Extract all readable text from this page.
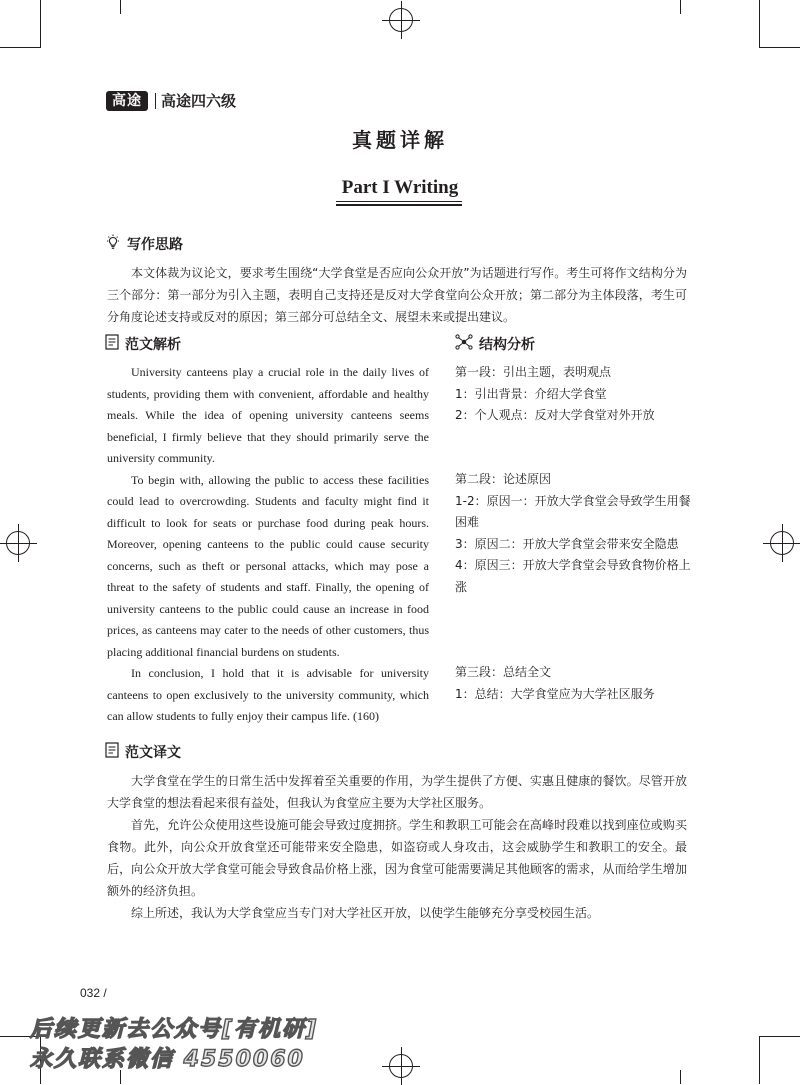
高途	高途四六级
真题详解
Part I Writing
写作思路

本文体裁为议论文，要求考生围绕“大学食堂是否应向公众开放”为话题进行写作。考生可将作文结构分为三个部分：第一部分为引入主题，表明自己支持还是反对大学食堂向公众开放；第二部分为主体段落，考生可分角度论述支持或反对的原因；第三部分可总结全文、展望未来或提出建议。

范文解析

University canteens play a crucial role in the daily lives of students, providing them with convenient, affordable and healthy meals. While the idea of opening university canteens seems beneficial, I firmly believe that they should primarily serve the university community.

To begin with, allowing the public to access these facilities could lead to overcrowding. Students and faculty might find it difficult to look for seats or purchase food during peak hours. Moreover, opening canteens to the public could cause security concerns, such as theft or personal attacks, which may pose a threat to the safety of students and staff. Finally, the opening of university canteens to the public could cause an increase in food prices, as canteens may cater to the needs of other customers, thus placing additional financial burdens on students.

In conclusion, I hold that it is advisable for university canteens to open exclusively to the university community, which can allow students to fully enjoy their campus life. (160)

结构分析
第一段：引出主题，表明观点
1：引出背景：介绍大学食堂
2：个人观点：反对大学食堂对外开放
第二段：论述原因
1-2：原因一：开放大学食堂会导致学生用餐困难
3：原因二：开放大学食堂会带来安全隐患
4：原因三：开放大学食堂会导致食物价格上涨
第三段：总结全文
1：总结：大学食堂应为大学社区服务
范文译文
大学食堂在学生的日常生活中发挥着至关重要的作用，为学生提供了方便、实惠且健康的餐饮。尽管开放大学食堂的想法看起来很有益处，但我认为食堂应主要为大学社区服务。
首先，允许公众使用这些设施可能会导致过度拥挤。学生和教职工可能会在高峰时段难以找到座位或购买食物。此外，向公众开放食堂还可能带来安全隐患，如盗窃或人身攻击，这会威胁学生和教职工的安全。最后，向公众开放大学食堂可能会导致食品价格上涨，因为食堂可能需要满足其他顾客的需求，从而给学生增加额外的经济负担。
综上所述，我认为大学食堂应当专门对大学社区开放，以使学生能够充分享受校园生活。
032 /
后续更新去公众号[有机研]
永久联系微信 4550060
